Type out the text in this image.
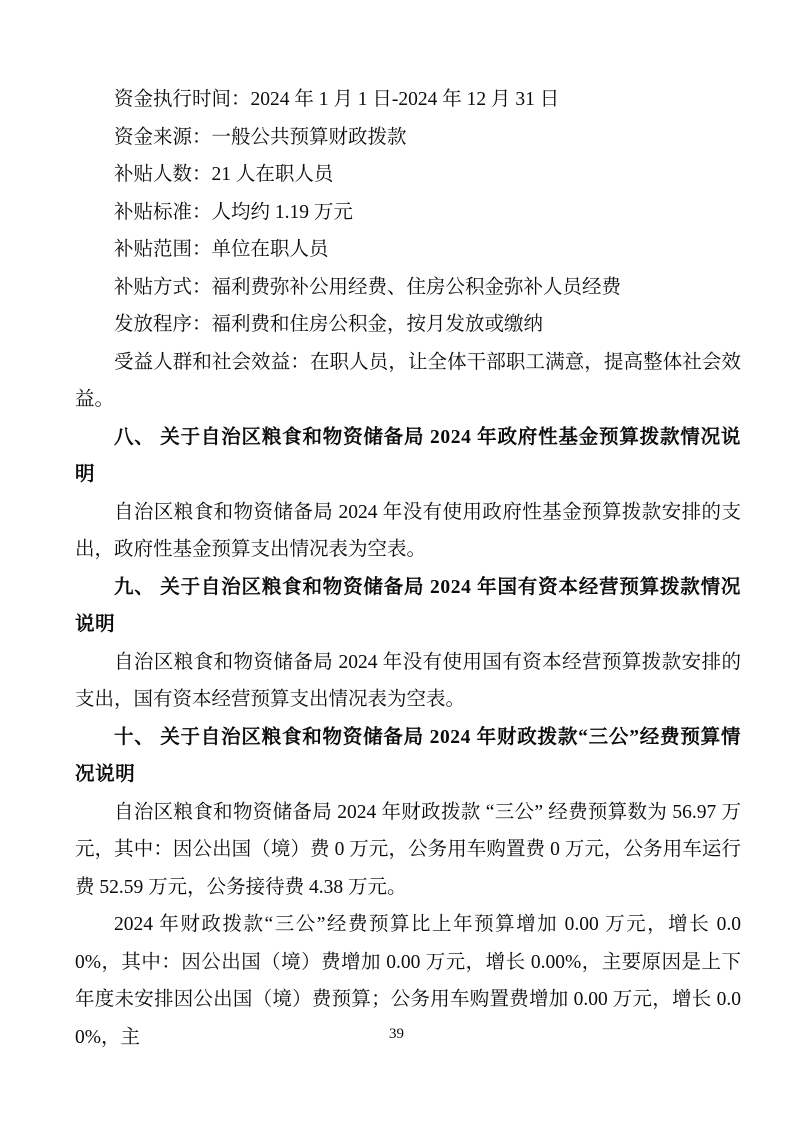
资金执行时间：2024 年 1 月 1 日-2024 年 12 月 31 日

资金来源：一般公共预算财政拨款

补贴人数：21 人在职人员

补贴标准：人均约 1.19 万元

补贴范围：单位在职人员

补贴方式：福利费弥补公用经费、住房公积金弥补人员经费

发放程序：福利费和住房公积金，按月发放或缴纳

受益人群和社会效益：在职人员，让全体干部职工满意，提高整体社会效益。

八、 关于自治区粮食和物资储备局 2024 年政府性基金预算拨款情况说明

自治区粮食和物资储备局 2024 年没有使用政府性基金预算拨款安排的支出，政府性基金预算支出情况表为空表。

九、 关于自治区粮食和物资储备局 2024 年国有资本经营预算拨款情况说明

自治区粮食和物资储备局 2024 年没有使用国有资本经营预算拨款安排的支出，国有资本经营预算支出情况表为空表。

十、 关于自治区粮食和物资储备局 2024 年财政拨款“三公”经费预算情况说明

自治区粮食和物资储备局 2024 年财政拨款 “三公” 经费预算数为 56.97 万元，其中：因公出国（境）费 0 万元，公务用车购置费 0 万元，公务用车运行费 52.59 万元，公务接待费 4.38 万元。

2024 年财政拨款“三公”经费预算比上年预算增加 0.00 万元，增长 0.00%，其中：因公出国（境）费增加 0.00 万元，增长 0.00%，主要原因是上下年度未安排因公出国（境）费预算；公务用车购置费增加 0.00 万元，增长 0.00%，主	39
